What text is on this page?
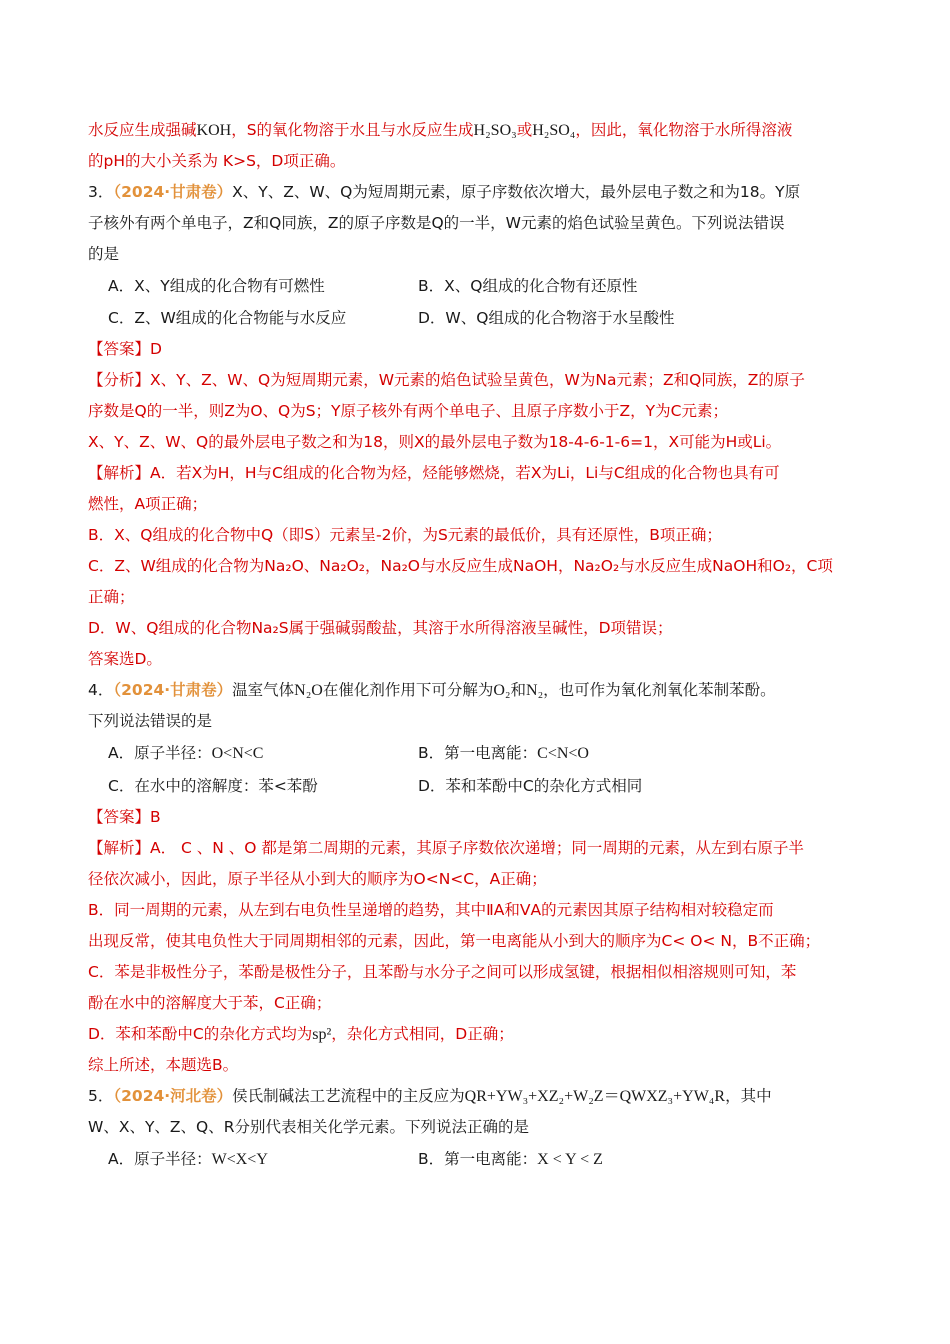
水反应生成强碱KOH，S的氧化物溶于水且与水反应生成H₂SO₃或H₂SO₄，因此，氧化物溶于水所得溶液
的pH的大小关系为 K>S，D项正确。
3．（2024·甘肃卷）X、Y、Z、W、Q为短周期元素，原子序数依次增大，最外层电子数之和为18。Y原
子核外有两个单电子，Z和Q同族，Z的原子序数是Q的一半，W元素的焰色试验呈黄色。下列说法错误
的是
A．X、Y组成的化合物有可燃性	B．X、Q组成的化合物有还原性
C．Z、W组成的化合物能与水反应	D．W、Q组成的化合物溶于水呈酸性
【答案】D
【分析】X、Y、Z、W、Q为短周期元素，W元素的焰色试验呈黄色，W为Na元素；Z和Q同族，Z的原子
序数是Q的一半，则Z为O、Q为S；Y原子核外有两个单电子、且原子序数小于Z，Y为C元素；
X、Y、Z、W、Q的最外层电子数之和为18，则X的最外层电子数为18-4-6-1-6=1，X可能为H或Li。
【解析】A．若X为H，H与C组成的化合物为烃，烃能够燃烧，若X为Li，Li与C组成的化合物也具有可
燃性，A项正确；
B．X、Q组成的化合物中Q（即S）元素呈-2价，为S元素的最低价，具有还原性，B项正确；
C．Z、W组成的化合物为Na₂O、Na₂O₂，Na₂O与水反应生成NaOH，Na₂O₂与水反应生成NaOH和O₂，C项
正确；
D．W、Q组成的化合物Na₂S属于强碱弱酸盐，其溶于水所得溶液呈碱性，D项错误；
答案选D。
4．（2024·甘肃卷）温室气体N₂O在催化剂作用下可分解为O₂和N₂，也可作为氧化剂氧化苯制苯酚。
下列说法错误的是
A．原子半径：O<N<C	B．第一电离能：C<N<O
C．在水中的溶解度：苯<苯酚	D．苯和苯酚中C的杂化方式相同
【答案】B
【解析】A． C 、N 、O 都是第二周期的元素，其原子序数依次递增；同一周期的元素，从左到右原子半
径依次减小，因此，原子半径从小到大的顺序为O<N<C，A正确；
B．同一周期的元素，从左到右电负性呈递增的趋势，其中ⅡA和ⅤA的元素因其原子结构相对较稳定而
出现反常，使其电负性大于同周期相邻的元素，因此，第一电离能从小到大的顺序为C< O< N，B不正确；
C．苯是非极性分子，苯酚是极性分子，且苯酚与水分子之间可以形成氢键，根据相似相溶规则可知，苯
酚在水中的溶解度大于苯，C正确；
D．苯和苯酚中C的杂化方式均为sp²，杂化方式相同，D正确；
综上所述，本题选B。
5．（2024·河北卷）侯氏制碱法工艺流程中的主反应为QR+YW₃+XZ₂+W₂Z＝QWXZ₃+YW₄R，其中
W、X、Y、Z、Q、R分别代表相关化学元素。下列说法正确的是
A．原子半径：W<X<Y	B．第一电离能：X < Y < Z
